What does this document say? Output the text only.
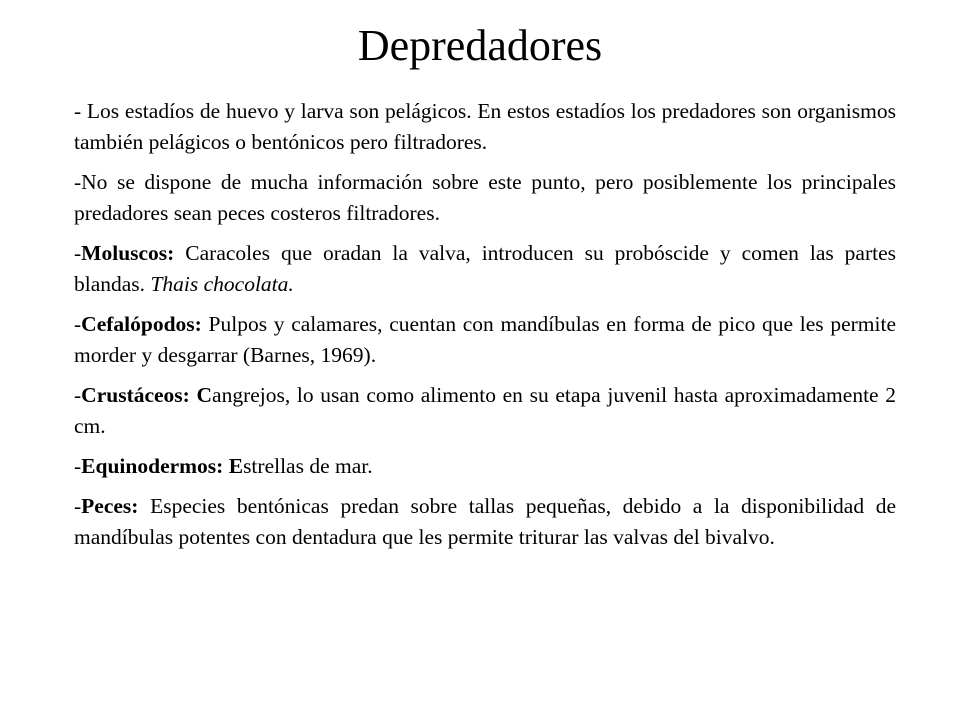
Depredadores

- Los estadíos de huevo y larva son pelágicos. En estos estadíos los predadores son organismos también pelágicos o bentónicos pero filtradores.

-No se dispone de mucha información sobre este punto, pero posiblemente los principales predadores sean peces costeros filtradores.

-Moluscos: Caracoles que oradan la valva, introducen su probóscide y comen las partes blandas. Thais chocolata.

-Cefalópodos: Pulpos y calamares, cuentan con mandíbulas en forma de pico que les permite morder y desgarrar (Barnes, 1969).

-Crustáceos: Cangrejos, lo usan como alimento en su etapa juvenil hasta aproximadamente 2 cm.

-Equinodermos: Estrellas de mar.

-Peces: Especies bentónicas predan sobre tallas pequeñas, debido a la disponibilidad de mandíbulas potentes con dentadura que les permite triturar las valvas del bivalvo.
